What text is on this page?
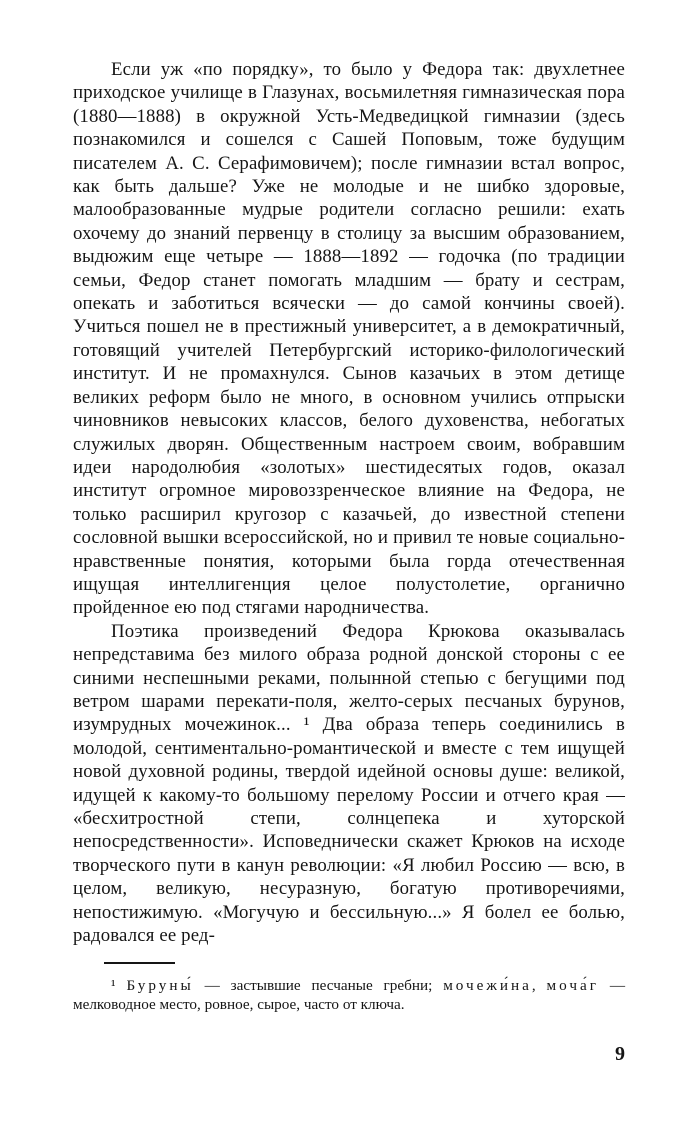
Если уж «по порядку», то было у Федора так: двухлетнее приходское училище в Глазунах, восьмилетняя гимназическая пора (1880—1888) в окружной Усть-Медведицкой гимназии (здесь познакомился и сошелся с Сашей Поповым, тоже будущим писателем А. С. Серафимовичем); после гимназии встал вопрос, как быть дальше? Уже не молодые и не шибко здоровые, малообразованные мудрые родители согласно решили: ехать охочему до знаний первенцу в столицу за высшим образованием, выдюжим еще четыре — 1888—1892 — годочка (по традиции семьи, Федор станет помогать младшим — брату и сестрам, опекать и заботиться всячески — до самой кончины своей). Учиться пошел не в престижный университет, а в демократичный, готовящий учителей Петербургский историко-филологический институт. И не промахнулся. Сынов казачьих в этом детище великих реформ было не много, в основном учились отпрыски чиновников невысоких классов, белого духовенства, небогатых служилых дворян. Общественным настроем своим, вобравшим идеи народолюбия «золотых» шестидесятых годов, оказал институт огромное мировоззренческое влияние на Федора, не только расширил кругозор с казачьей, до известной степени сословной вышки всероссийской, но и привил те новые социально-нравственные понятия, которыми была горда отечественная ищущая интеллигенция целое полустолетие, органично пройденное ею под стягами народничества.

Поэтика произведений Федора Крюкова оказывалась непредставима без милого образа родной донской стороны с ее синими неспешными реками, полынной степью с бегущими под ветром шарами перекати-поля, желто-серых песчаных бурунов, изумрудных мочежинок... ¹ Два образа теперь соединились в молодой, сентиментально-романтической и вместе с тем ищущей новой духовной родины, твердой идейной основы душе: великой, идущей к какому-то большому перелому России и отчего края — «бесхитростной степи, солнцепека и хуторской непосредственности». Исповеднически скажет Крюков на исходе творческого пути в канун революции: «Я любил Россию — всю, в целом, великую, несуразную, богатую противоречиями, непостижимую. «Могучую и бессильную...» Я болел ее болью, радовался ее ред-

¹ Буруны́ — застывшие песчаные гребни; мочежи́на, моча́г — мелководное место, ровное, сырое, часто от ключа.

9
